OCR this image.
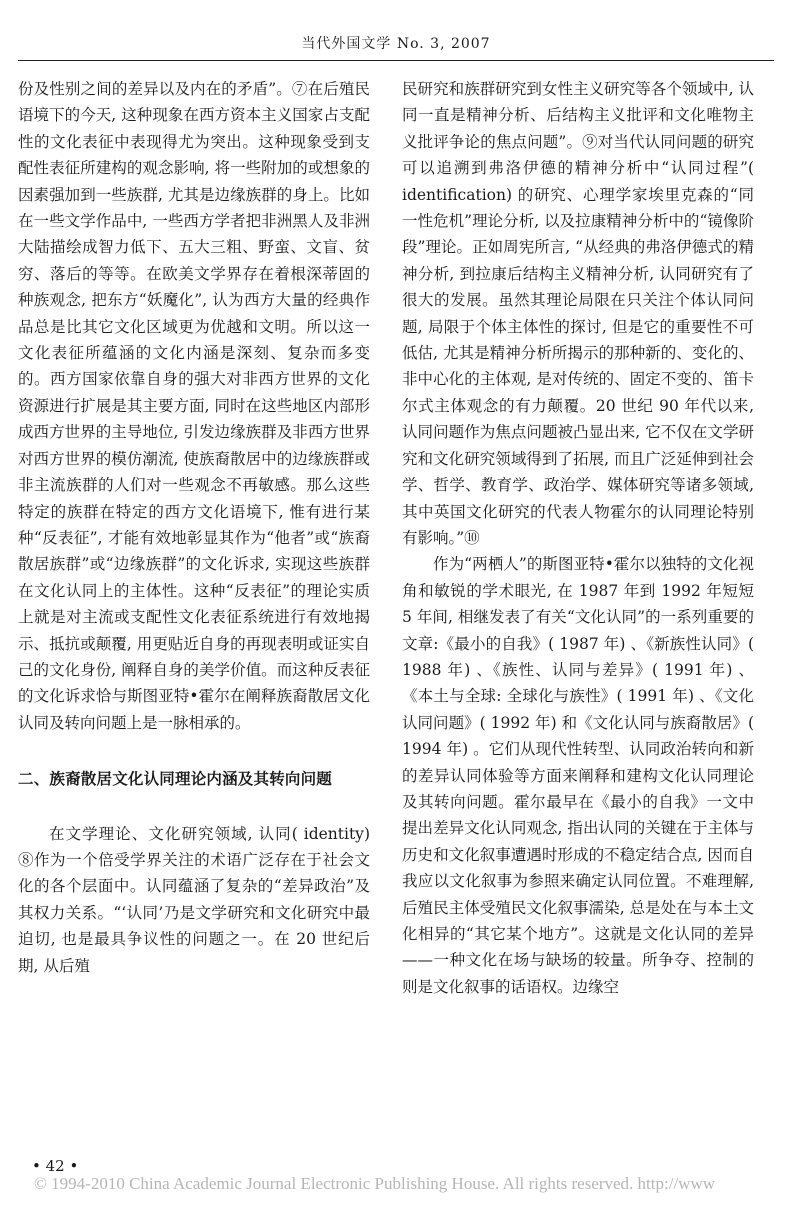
当代外国文学 No. 3, 2007

份及性别之间的差异以及内在的矛盾”。⑦在后殖民语境下的今天, 这种现象在西方资本主义国家占支配性的文化表征中表现得尤为突出。这种现象受到支配性表征所建构的观念影响, 将一些附加的或想象的因素强加到一些族群, 尤其是边缘族群的身上。比如在一些文学作品中, 一些西方学者把非洲黑人及非洲大陆描绘成智力低下、五大三粗、野蛮、文盲、贫穷、落后的等等。在欧美文学界存在着根深蒂固的种族观念, 把东方“妖魔化”, 认为西方大量的经典作品总是比其它文化区域更为优越和文明。所以这一文化表征所蕴涵的文化内涵是深刻、复杂而多变的。西方国家依靠自身的强大对非西方世界的文化资源进行扩展是其主要方面, 同时在这些地区内部形成西方世界的主导地位, 引发边缘族群及非西方世界对西方世界的模仿潮流, 使族裔散居中的边缘族群或非主流族群的人们对一些观念不再敏感。那么这些特定的族群在特定的西方文化语境下, 惟有进行某种“反表征”, 才能有效地彰显其作为“他者”或“族裔散居族群”或“边缘族群”的文化诉求, 实现这些族群在文化认同上的主体性。这种“反表征”的理论实质上就是对主流或支配性文化表征系统进行有效地揭示、抵抗或颠覆, 用更贴近自身的再现表明或证实自己的文化身份, 阐释自身的美学价值。而这种反表征的文化诉求恰与斯图亚特•霍尔在阐释族裔散居文化认同及转向问题上是一脉相承的。

二、族裔散居文化认同理论内涵及其转向问题

在文学理论、文化研究领域, 认同( identity) ⑧作为一个倍受学界关注的术语广泛存在于社会文化的各个层面中。认同蕴涵了复杂的“差异政治”及其权力关系。“‘认同’乃是文学研究和文化研究中最迫切, 也是最具争议性的问题之一。在 20 世纪后期, 从后殖

民研究和族群研究到女性主义研究等各个领域中, 认同一直是精神分析、后结构主义批评和文化唯物主义批评争论的焦点问题”。⑨对当代认同问题的研究可以追溯到弗洛伊德的精神分析中“认同过程”( identification) 的研究、心理学家埃里克森的“同一性危机”理论分析, 以及拉康精神分析中的“镜像阶段”理论。正如周宪所言, “从经典的弗洛伊德式的精神分析, 到拉康后结构主义精神分析, 认同研究有了很大的发展。虽然其理论局限在只关注个体认同问题, 局限于个体主体性的探讨, 但是它的重要性不可低估, 尤其是精神分析所揭示的那种新的、变化的、非中心化的主体观, 是对传统的、固定不变的、笛卡尔式主体观念的有力颠覆。20 世纪 90 年代以来, 认同问题作为焦点问题被凸显出来, 它不仅在文学研究和文化研究领域得到了拓展, 而且广泛延伸到社会学、哲学、教育学、政治学、媒体研究等诸多领域, 其中英国文化研究的代表人物霍尔的认同理论特别有影响。”⑩

作为“两栖人”的斯图亚特•霍尔以独特的文化视角和敏锐的学术眼光, 在 1987 年到 1992 年短短 5 年间, 相继发表了有关“文化认同”的一系列重要的文章:《最小的自我》( 1987 年) 、《新族性认同》( 1988 年) 、《族性、认同与差异》( 1991 年) 、《本土与全球: 全球化与族性》( 1991 年) 、《文化认同问题》( 1992 年) 和《文化认同与族裔散居》( 1994 年) 。它们从现代性转型、认同政治转向和新的差异认同体验等方面来阐释和建构文化认同理论及其转向问题。霍尔最早在《最小的自我》一文中提出差异文化认同观念, 指出认同的关键在于主体与历史和文化叙事遭遇时形成的不稳定结合点, 因而自我应以文化叙事为参照来确定认同位置。不难理解, 后殖民主体受殖民文化叙事濡染, 总是处在与本土文化相异的“其它某个地方”。这就是文化认同的差异 ——一种文化在场与缺场的较量。所争夺、控制的则是文化叙事的话语权。边缘空

• 42 •
© 1994-2010 China Academic Journal Electronic Publishing House. All rights reserved. http://www
